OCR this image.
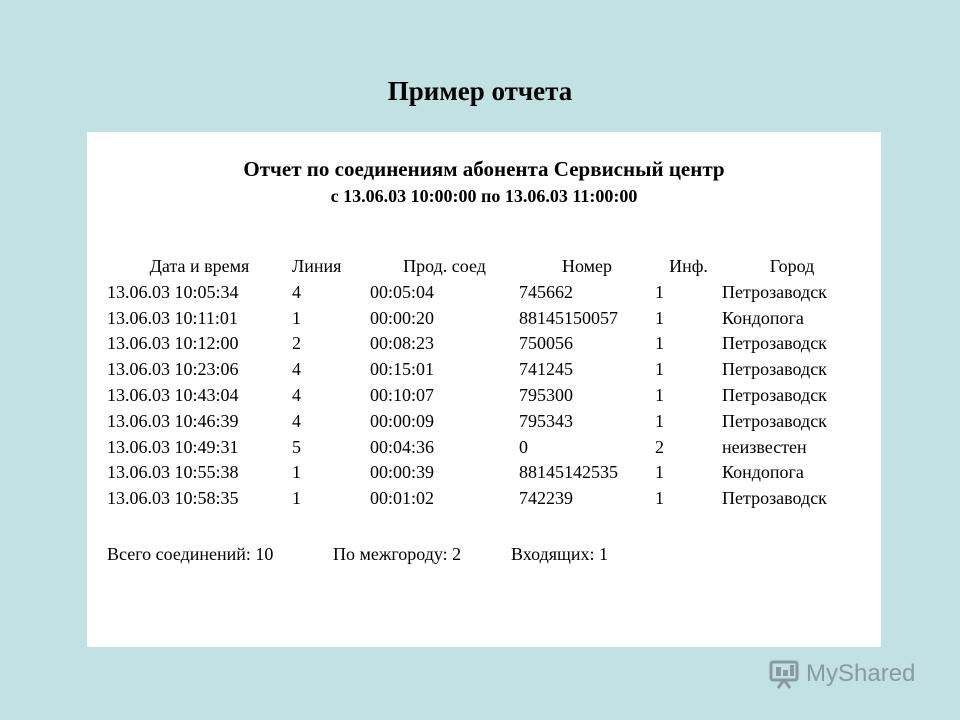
Пример отчета
Отчет по соединениям абонента Сервисный центр
с 13.06.03 10:00:00 по 13.06.03 11:00:00
Дата и время	Линия	Прод. соед	Номер	Инф.	Город
13.06.03 10:05:34	4	00:05:04	745662	1	Петрозаводск
13.06.03 10:11:01	1	00:00:20	88145150057	1	Кондопога
13.06.03 10:12:00	2	00:08:23	750056	1	Петрозаводск
13.06.03 10:23:06	4	00:15:01	741245	1	Петрозаводск
13.06.03 10:43:04	4	00:10:07	795300	1	Петрозаводск
13.06.03 10:46:39	4	00:00:09	795343	1	Петрозаводск
13.06.03 10:49:31	5	00:04:36	0	2	неизвестен
13.06.03 10:55:38	1	00:00:39	88145142535	1	Кондопога
13.06.03 10:58:35	1	00:01:02	742239	1	Петрозаводск
Всего соединений: 10	По межгороду: 2	Входящих: 1
MyShared
